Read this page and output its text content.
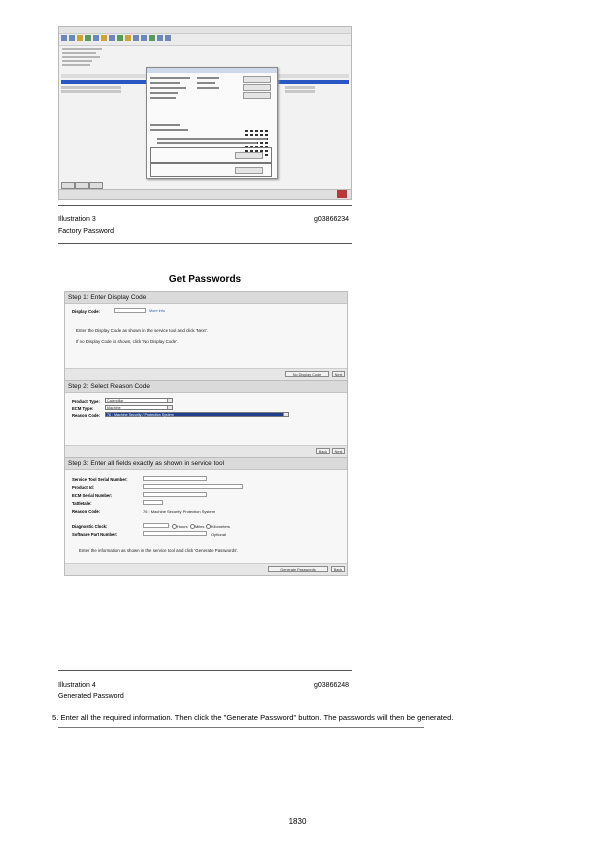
Illustration 3	g03866234
Factory Password
Get Passwords
Step 1: Enter Display Code
Display Code:	More info
Enter the Display Code as shown in the service tool and click 'Next'.
If no Display Code is shown, click 'No Display Code'.
No Display Code	Next
Step 2: Select Reason Code
Product Type:	Caterpillar
ECM Type:	Machine
Reason Code:	76 : Machine Security / Protection System
Back	Next
Step 3: Enter all fields exactly as shown in service tool
Service Tool Serial Number:
Product Id:
ECM Serial Number:
Tattletale:
Reason Code:	76 : Machine Security Protection System
Diagnostic Clock:	Hours Miles Kilometers
Software Part Number:	Optional
Enter the information as shown in the service tool and click 'Generate Passwords'.
Generate Passwords	Back
Illustration 4	g03866248
Generated Password
5. Enter all the required information. Then click the "Generate Password" button. The passwords will then be generated.
1830
